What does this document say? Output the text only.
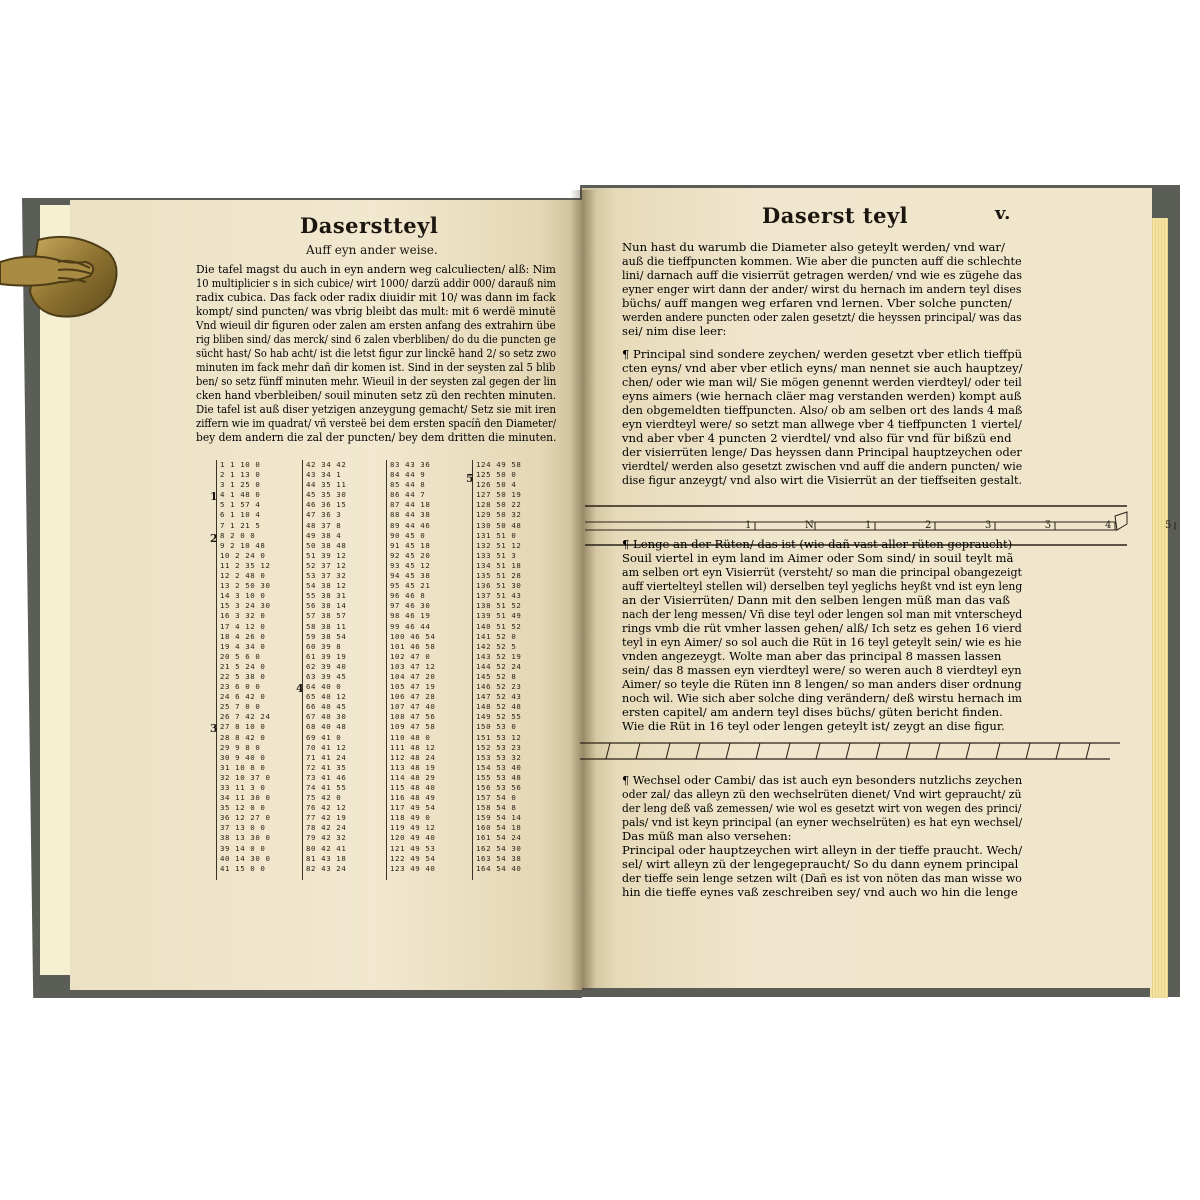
Daserstteyl
Auff eyn ander weise.
Die tafel magst du auch in eyn andern weg calculiecten/ alß: Nim
10 multiplicier s in sich cubice/ wirt 1000/ darzü addir 000/ darauß nim
radix cubica. Das fack oder radix diuidir mit 10/ was dann im fack
kompt/ sind puncten/ was vbrig bleibt das mult: mit 6 werdë minutë
Vnd wieuil dir figuren oder zalen am ersten anfang des extrahirn übe
rig bliben sind/ das merck/ sind 6 zalen vberbliben/ do du die puncten ge
sücht hast/ So hab acht/ ist die letst figur zur linckẽ hand 2/ so setz zwo
minuten im fack mehr dañ dir komen ist. Sind in der seysten zal 5 blib
ben/ so setz fünff minuten mehr. Wieuil in der seysten zal gegen der lin
cken hand vberbleiben/ souil minuten setz zü den rechten minuten.
Die tafel ist auß diser yetzigen anzeygung gemacht/ Setz sie mit iren
ziffern wie im quadrat/ vñ versteë bei dem ersten spacíñ den Diameter/
bey dem andern die zal der puncten/ bey dem dritten die minuten.
1 1 10 0
2 1 13 0
3 1 25 0
4 1 48 0
5 1 57 4
6 1 10 4
7 1 21 5
8 2 0 0
9 2 10 48
10 2 24 0
11 2 35 12
12 2 48 0
13 2 50 30
14 3 10 0
15 3 24 30
16 3 32 0
17 4 12 0
18 4 26 0
19 4 34 0
20 5 6 0
21 5 24 0
22 5 38 0
23 6 0 0
24 6 42 0
25 7 0 0
26 7 42 24
27 8 10 0
28 8 42 0
29 9 8 0
30 9 40 0
31 10 8 0
32 10 37 0
33 11 3 0
34 11 30 0
35 12 0 0
36 12 27 0
37 13 0 0
38 13 30 0
39 14 0 0
40 14 30 0
41 15 0 0
42 34 42
43 34 1
44 35 11
45 35 30
46 36 15
47 36 3
48 37 8
49 38 4
50 38 48
51 39 12
52 37 12
53 37 32
54 38 12
55 38 31
56 38 14
57 38 57
58 38 11
59 38 54
60 39 8
61 39 19
62 39 40
63 39 45
64 40 0
65 40 12
66 40 45
67 40 30
68 40 48
69 41 0
70 41 12
71 41 24
72 41 35
73 41 46
74 41 55
75 42 0
76 42 12
77 42 19
78 42 24
79 42 32
80 42 41
81 43 18
82 43 24
83 43 36
84 44 9
85 44 8
86 44 7
87 44 18
88 44 38
89 44 46
90 45 0
91 45 18
92 45 20
93 45 12
94 45 38
95 45 21
96 46 8
97 46 30
98 46 19
99 46 44
100 46 54
101 46 58
102 47 0
103 47 12
104 47 20
105 47 19
106 47 28
107 47 40
108 47 56
109 47 58
110 48 0
111 48 12
112 48 24
113 48 19
114 48 29
115 48 40
116 48 49
117 49 54
118 49 0
119 49 12
120 49 40
121 49 53
122 49 54
123 49 40
124 49 58
125 50 0
126 50 4
127 50 19
128 50 22
129 50 32
130 50 48
131 51 0
132 51 12
133 51 3
134 51 18
135 51 28
136 51 30
137 51 43
138 51 52
139 51 49
140 51 52
141 52 0
142 52 5
143 52 19
144 52 24
145 52 8
146 52 23
147 52 43
148 52 48
149 52 55
150 53 0
151 53 12
152 53 23
153 53 32
154 53 40
155 53 48
156 53 56
157 54 0
158 54 8
159 54 14
160 54 18
161 54 24
162 54 30
163 54 38
164 54 40
1
2
3
4
5
Daserst teyl	v.
Nun hast du warumb die Diameter also geteylt werden/ vnd war/
auß die tieffpuncten kommen. Wie aber die puncten auff die schlechte
lini/ darnach auff die visierrüt getragen werden/ vnd wie es zügehe das
eyner enger wirt dann der ander/ wirst du hernach im andern teyl dises
büchs/ auff mangen weg erfaren vnd lernen. Vber solche puncten/
werden andere puncten oder zalen gesetzt/ die heyssen principal/ was das
sei/ nim dise leer:
¶ Principal sind sondere zeychen/ werden gesetzt vber etlich tieffpü
cten eyns/ vnd aber vber etlich eyns/ man nennet sie auch hauptzey/
chen/ oder wie man wil/ Sie mögen genennt werden vierdteyl/ oder teil
eyns aimers (wie hernach cläer mag verstanden werden) kompt auß
den obgemeldten tieffpuncten. Also/ ob am selben ort des lands 4 maß
eyn vierdteyl were/ so setzt man allwege vber 4 tieffpuncten 1 viertel/
vnd aber vber 4 puncten 2 vierdtel/ vnd also für vnd für bißzü end
der visierrüten lenge/ Das heyssen dann Principal hauptzeychen oder
vierdtel/ werden also gesetzt zwischen vnd auff die andern puncten/ wie
dise figur anzeygt/ vnd also wirt die Visierrüt an der tieffseiten gestalt.
1	N	1	2	3	Ʒ	4	5
¶ Lenge an der Rüten/ das ist (wie dañ vast aller rüten gepraucht)
Souil viertel in eym land im Aimer oder Som sind/ in souil teylt mã
am selben ort eyn Visierrüt (versteht/ so man die principal obangezeigt
auff viertelteyl stellen wil) derselben teyl yeglichs heyßt vnd ist eyn leng
an der Visierrüten/ Dann mit den selben lengen müß man das vaß
nach der leng messen/ Vñ dise teyl oder lengen sol man mit vnterscheyd
rings vmb die rüt vmher lassen gehen/ alß/ Ich setz es gehen 16 vierd
teyl in eyn Aimer/ so sol auch die Rüt in 16 teyl geteylt sein/ wie es hie
vnden angezeygt. Wolte man aber das principal 8 massen lassen
sein/ das 8 massen eyn vierdteyl were/ so weren auch 8 vierdteyl eyn
Aimer/ so teyle die Rüten inn 8 lengen/ so man anders diser ordnung
noch wil. Wie sich aber solche ding verändern/ deß wirstu hernach im
ersten capitel/ am andern teyl dises büchs/ güten bericht finden.
Wie die Rüt in 16 teyl oder lengen geteylt ist/ zeygt an dise figur.
¶ Wechsel oder Cambi/ das ist auch eyn besonders nutzlichs zeychen
oder zal/ das alleyn zü den wechselrüten dienet/ Vnd wirt gepraucht/ zü
der leng deß vaß zemessen/ wie wol es gesetzt wirt von wegen des princi/
pals/ vnd ist keyn principal (an eyner wechselrüten) es hat eyn wechsel/
Das müß man also versehen:
Principal oder hauptzeychen wirt alleyn in der tieffe praucht. Wech/
sel/ wirt alleyn zü der lengegepraucht/ So du dann eynem principal
der tieffe sein lenge setzen wilt (Dañ es ist von nöten das man wisse wo
hin die tieffe eynes vaß zeschreiben sey/ vnd auch wo hin die lenge
